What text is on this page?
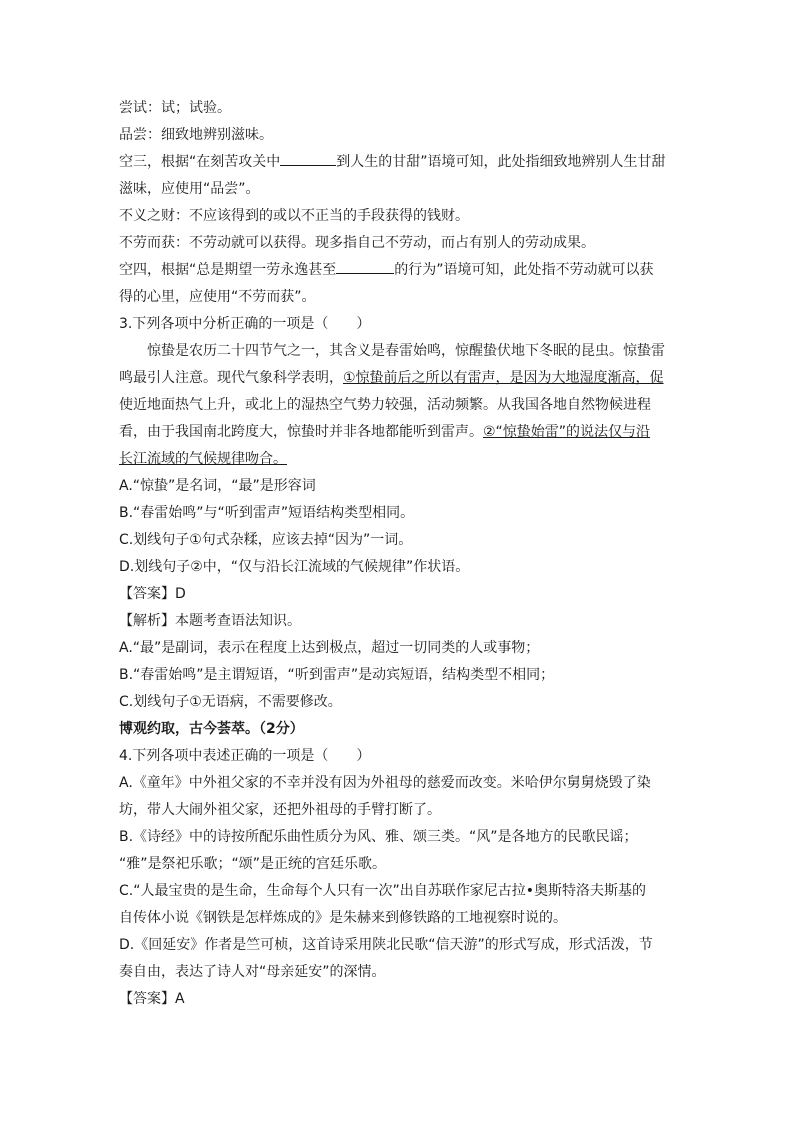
尝试：试；试验。
品尝：细致地辨别滋味。
空三，根据“在刻苦攻关中	到人生的甘甜”语境可知，此处指细致地辨别人生甘甜
滋味，应使用“品尝”。
不义之财：不应该得到的或以不正当的手段获得的钱财。
不劳而获：不劳动就可以获得。现多指自己不劳动，而占有别人的劳动成果。
空四，根据“总是期望一劳永逸甚至	的行为”语境可知，此处指不劳动就可以获
得的心里，应使用“不劳而获”。
3.下列各项中分析正确的一项是（　　）
惊蛰是农历二十四节气之一，其含义是春雷始鸣，惊醒蛰伏地下冬眠的昆虫。惊蛰雷
鸣最引人注意。现代气象科学表明，①惊蛰前后之所以有雷声，是因为大地湿度渐高，促
使近地面热气上升，或北上的湿热空气势力较强，活动频繁。从我国各地自然物候进程
看，由于我国南北跨度大，惊蛰时并非各地都能听到雷声。②“惊蛰始雷”的说法仅与沿
长江流域的气候规律吻合。
A.“惊蛰”是名词，“最”是形容词
B.“春雷始鸣”与“听到雷声”短语结构类型相同。
C.划线句子①句式杂糅，应该去掉“因为”一词。
D.划线句子②中，“仅与沿长江流域的气候规律”作状语。
【答案】D
【解析】本题考查语法知识。
A.“最”是副词，表示在程度上达到极点，超过一切同类的人或事物；
B.“春雷始鸣”是主谓短语，“听到雷声”是动宾短语，结构类型不相同；
C.划线句子①无语病，不需要修改。
博观约取，古今荟萃。（2分）
4.下列各项中表述正确的一项是（　　）
A.《童年》中外祖父家的不幸并没有因为外祖母的慈爱而改变。米哈伊尔舅舅烧毁了染
坊，带人大闹外祖父家，还把外祖母的手臂打断了。
B.《诗经》中的诗按所配乐曲性质分为风、雅、颂三类。“风”是各地方的民歌民谣；
“雅”是祭祀乐歌；“颂”是正统的宫廷乐歌。
C.“人最宝贵的是生命，生命每个人只有一次”出自苏联作家尼古拉•奥斯特洛夫斯基的
自传体小说《钢铁是怎样炼成的》是朱赫来到修铁路的工地视察时说的。
D.《回延安》作者是竺可桢，这首诗采用陕北民歌“信天游”的形式写成，形式活泼，节
奏自由，表达了诗人对“母亲延安”的深情。
【答案】A
